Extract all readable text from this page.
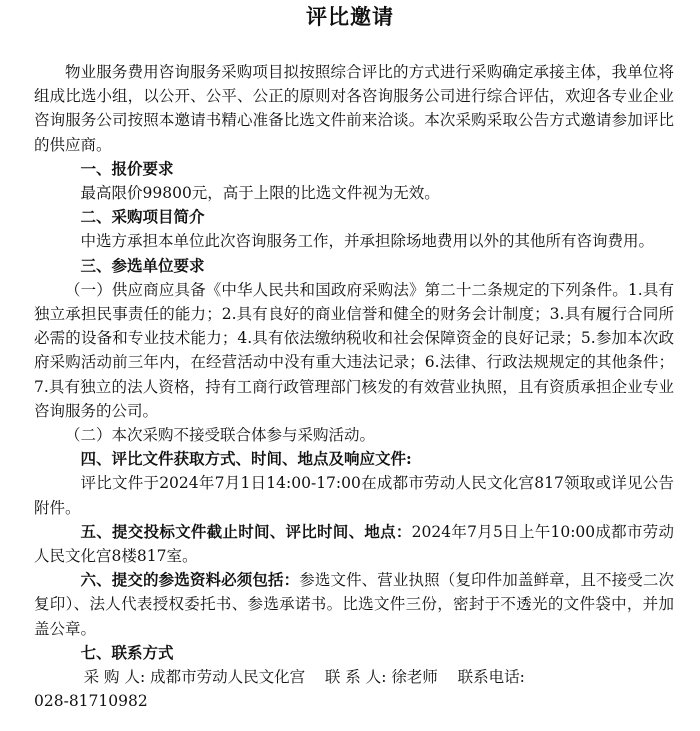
评比邀请

物业服务费用咨询服务采购项目拟按照综合评比的方式进行采购确定承接主体，我单位将组成比选小组，以公开、公平、公正的原则对各咨询服务公司进行综合评估，欢迎各专业企业咨询服务公司按照本邀请书精心准备比选文件前来洽谈。本次采购采取公告方式邀请参加评比的供应商。

一、报价要求

最高限价99800元，高于上限的比选文件视为无效。

二、采购项目简介

中选方承担本单位此次咨询服务工作，并承担除场地费用以外的其他所有咨询费用。

三、参选单位要求

（一）供应商应具备《中华人民共和国政府采购法》第二十二条规定的下列条件。1.具有独立承担民事责任的能力；2.具有良好的商业信誉和健全的财务会计制度；3.具有履行合同所必需的设备和专业技术能力；4.具有依法缴纳税收和社会保障资金的良好记录；5.参加本次政府采购活动前三年内，在经营活动中没有重大违法记录；6.法律、行政法规规定的其他条件；7.具有独立的法人资格，持有工商行政管理部门核发的有效营业执照，且有资质承担企业专业咨询服务的公司。

（二）本次采购不接受联合体参与采购活动。

四、评比文件获取方式、时间、地点及响应文件:

评比文件于2024年7月1日14:00-17:00在成都市劳动人民文化宫817领取或详见公告附件。

五、提交投标文件截止时间、评比时间、地点：2024年7月5日上午10:00成都市劳动人民文化宫8楼817室。

六、提交的参选资料必须包括：参选文件、营业执照（复印件加盖鲜章，且不接受二次复印）、法人代表授权委托书、参选承诺书。比选文件三份，密封于不透光的文件袋中，并加盖公章。

七、联系方式

采 购 人: 成都市劳动人民文化宫 联 系 人: 徐老师 联系电话:

028-81710982
